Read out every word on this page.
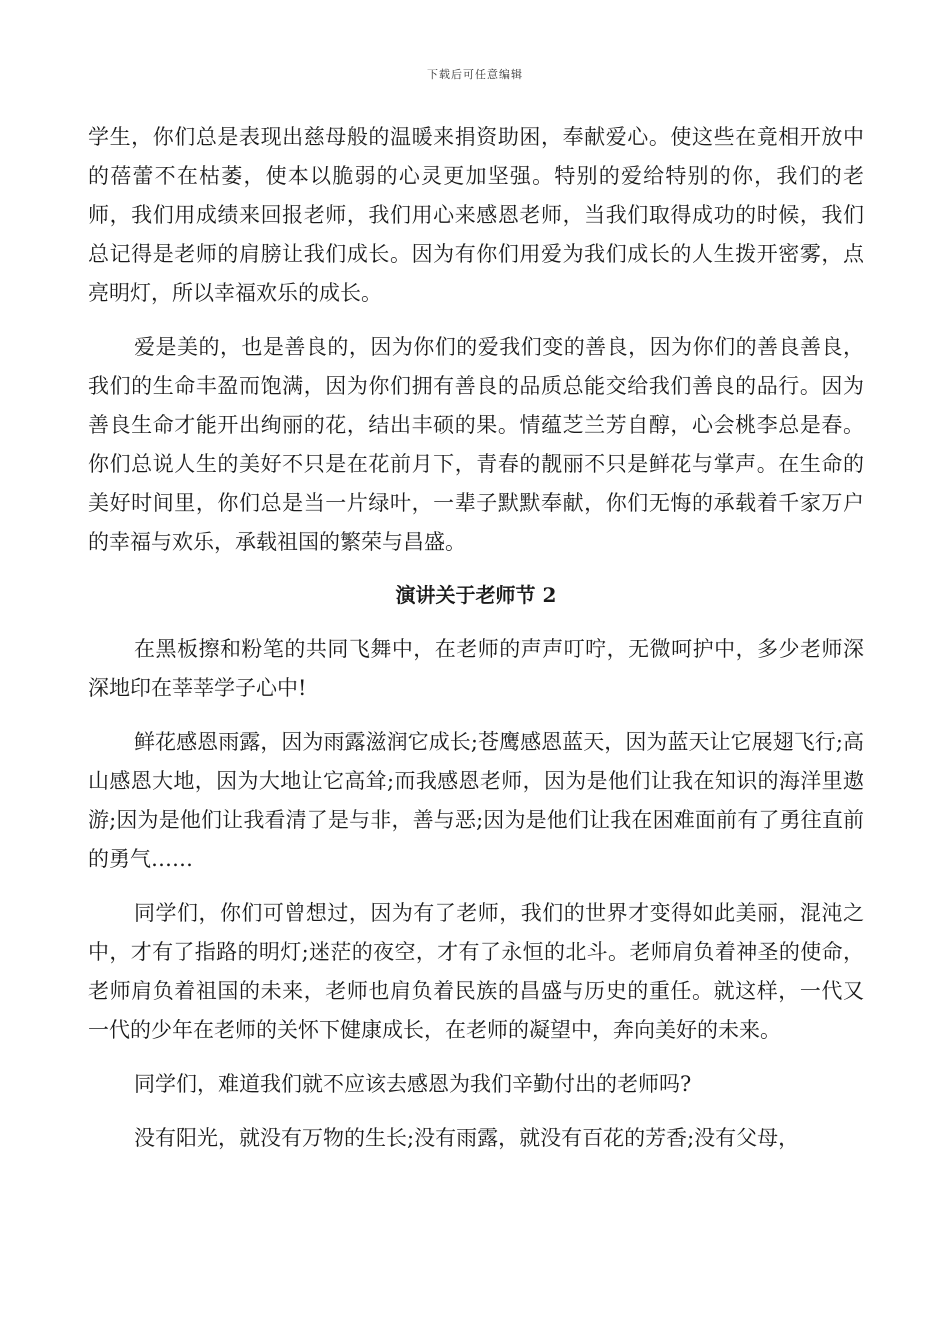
下载后可任意编辑

学生，你们总是表现出慈母般的温暖来捐资助困，奉献爱心。使这些在竟相开放中的蓓蕾不在枯萎，使本以脆弱的心灵更加坚强。特别的爱给特别的你，我们的老师，我们用成绩来回报老师，我们用心来感恩老师，当我们取得成功的时候，我们总记得是老师的肩膀让我们成长。因为有你们用爱为我们成长的人生拨开密雾，点亮明灯，所以幸福欢乐的成长。

爱是美的，也是善良的，因为你们的爱我们变的善良，因为你们的善良善良，我们的生命丰盈而饱满，因为你们拥有善良的品质总能交给我们善良的品行。因为善良生命才能开出绚丽的花，结出丰硕的果。情蕴芝兰芳自醇，心会桃李总是春。你们总说人生的美好不只是在花前月下，青春的靓丽不只是鲜花与掌声。在生命的美好时间里，你们总是当一片绿叶，一辈子默默奉献，你们无悔的承载着千家万户的幸福与欢乐，承载祖国的繁荣与昌盛。

演讲关于老师节 2

在黑板擦和粉笔的共同飞舞中，在老师的声声叮咛，无微呵护中，多少老师深深地印在莘莘学子心中!

鲜花感恩雨露，因为雨露滋润它成长;苍鹰感恩蓝天，因为蓝天让它展翅飞行;高山感恩大地，因为大地让它高耸;而我感恩老师，因为是他们让我在知识的海洋里遨游;因为是他们让我看清了是与非，善与恶;因为是他们让我在困难面前有了勇往直前的勇气……

同学们，你们可曾想过，因为有了老师，我们的世界才变得如此美丽，混沌之中，才有了指路的明灯;迷茫的夜空，才有了永恒的北斗。老师肩负着神圣的使命，老师肩负着祖国的未来，老师也肩负着民族的昌盛与历史的重任。就这样，一代又一代的少年在老师的关怀下健康成长，在老师的凝望中，奔向美好的未来。

同学们，难道我们就不应该去感恩为我们辛勤付出的老师吗?

没有阳光，就没有万物的生长;没有雨露，就没有百花的芳香;没有父母，
